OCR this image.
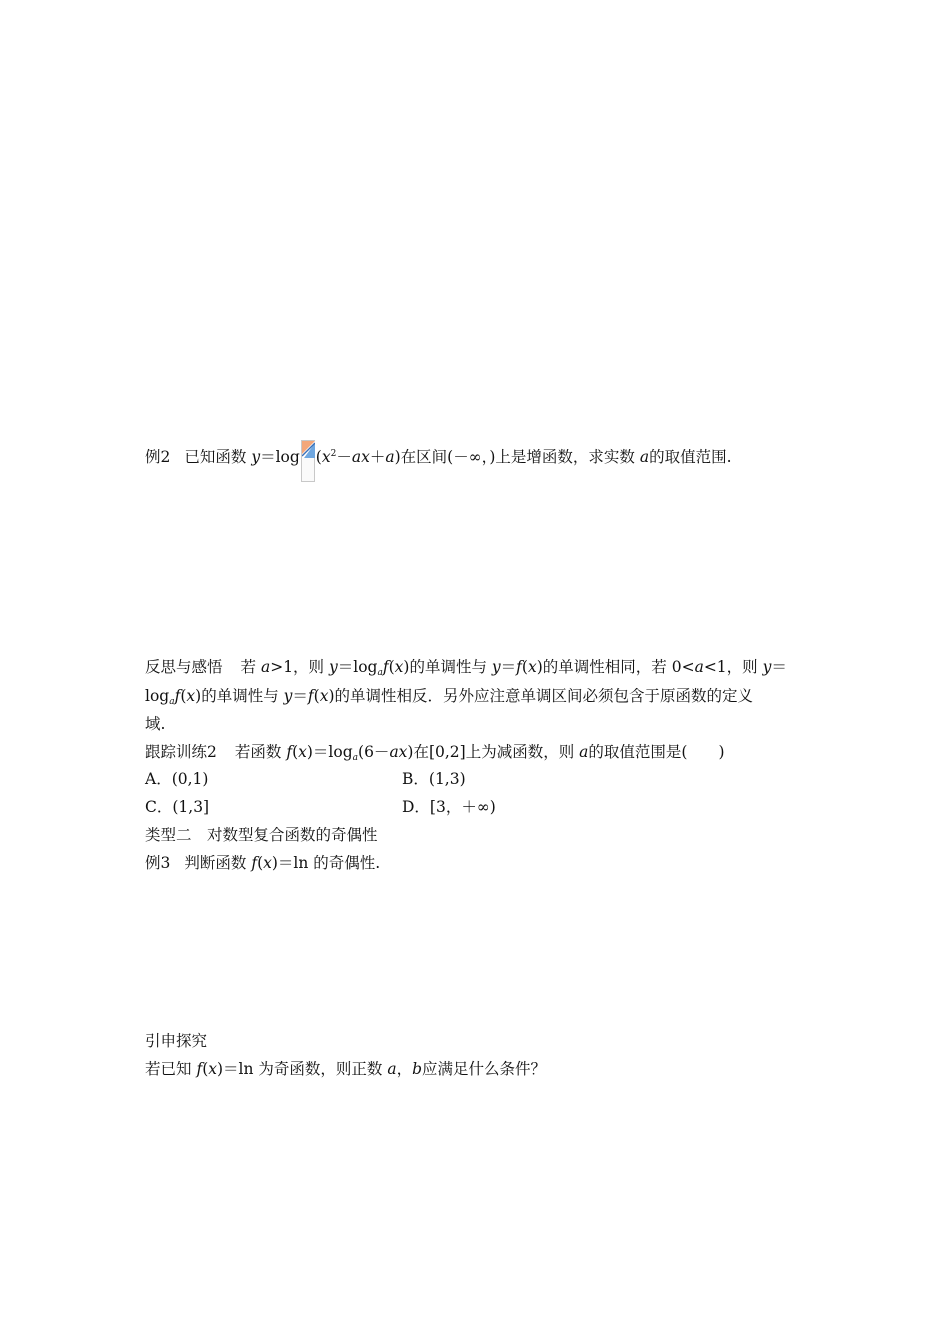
例2 已知函数 y＝log $(x^2-ax+a)$在区间(－∞，)上是增函数，求实数 a的取值范围.
反思与感悟 若 a>1，则 $y=\log_af(x)$的单调性与 y＝f(x)的单调性相同，若 0<a<1，则 y＝
$\log_af(x)$的单调性与 y＝f(x)的单调性相反．另外应注意单调区间必须包含于原函数的定义
域.
跟踪训练2 若函数 $f(x)=\log_a(6-ax)$在[0,2]上为减函数，则 a的取值范围是(　　)
A．(0,1)	B．(1,3)
C．(1,3]	D．[3，＋∞)
类型二　对数型复合函数的奇偶性
例3 判断函数 f(x)＝ln 的奇偶性.
引申探究
若已知 f(x)＝ln 为奇函数，则正数 a，b应满足什么条件？
